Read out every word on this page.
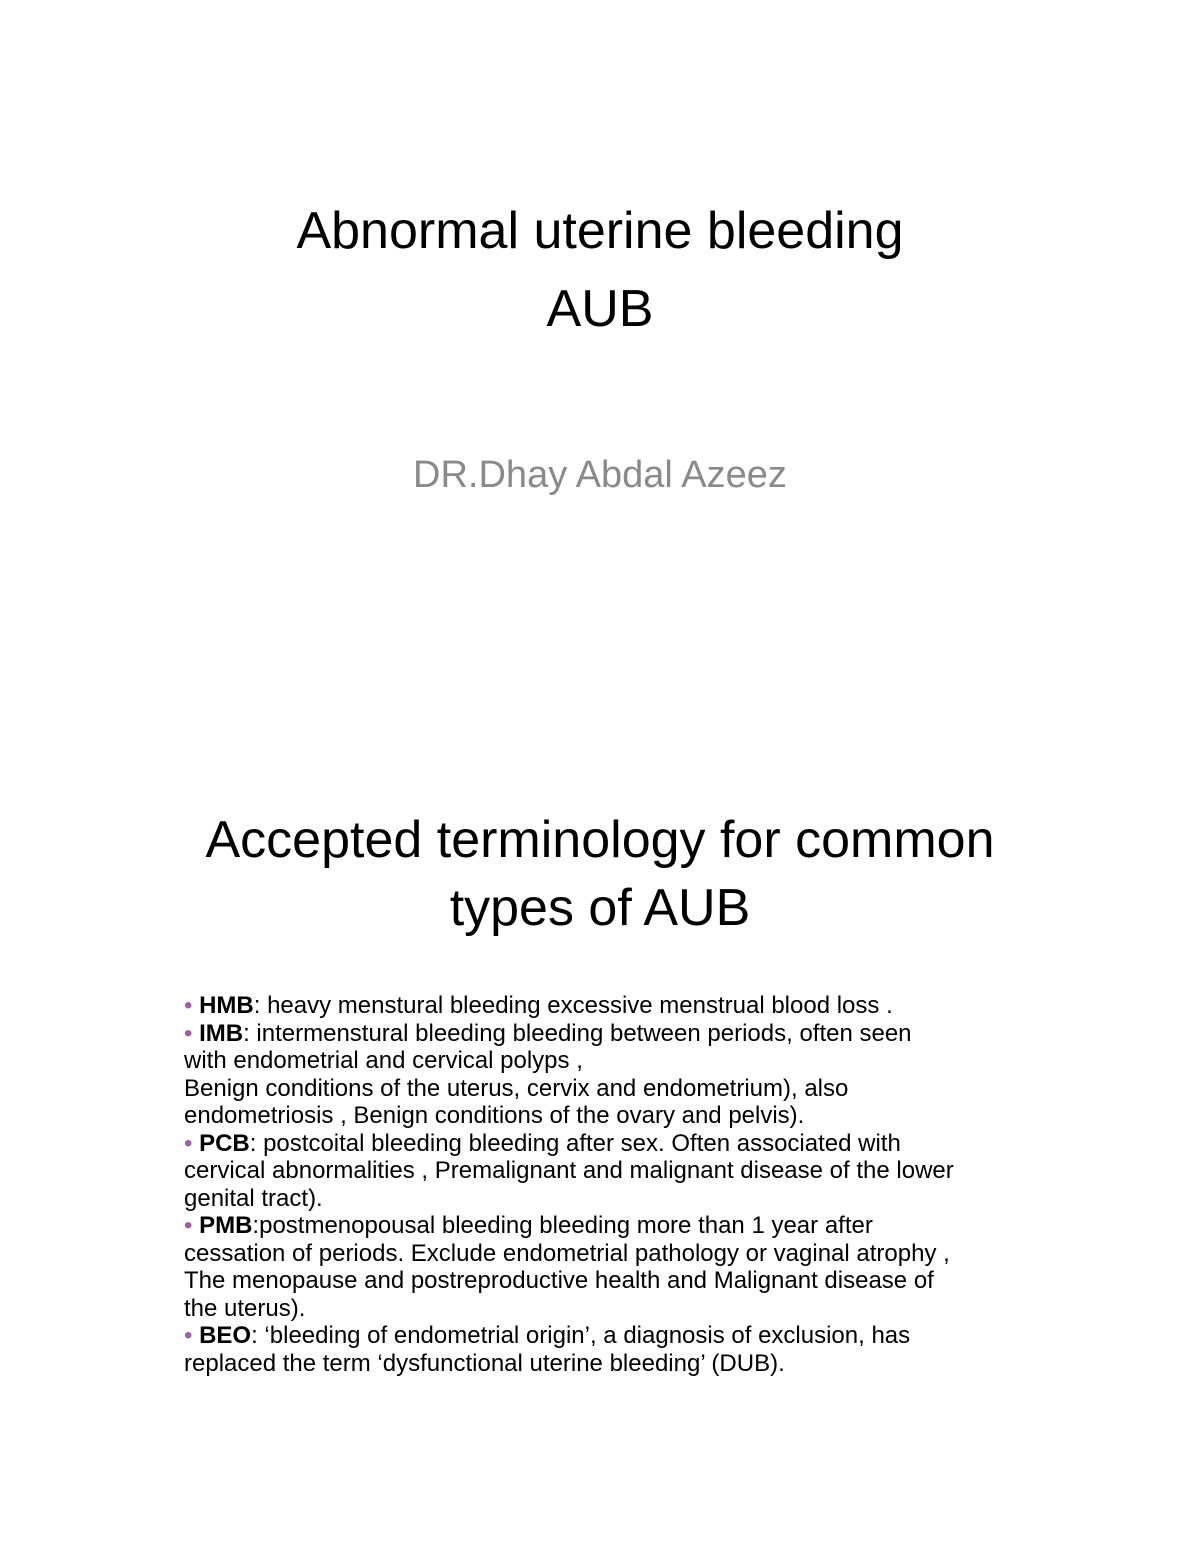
Abnormal uterine bleeding
AUB
DR.Dhay Abdal Azeez
Accepted terminology for common
types of AUB
• HMB: heavy menstural bleeding excessive menstrual blood loss .
• IMB: intermenstural bleeding bleeding between periods, often seen
with endometrial and cervical polyps ,
Benign conditions of the uterus, cervix and endometrium), also
endometriosis , Benign conditions of the ovary and pelvis).
• PCB: postcoital bleeding bleeding after sex. Often associated with
cervical abnormalities , Premalignant and malignant disease of the lower
genital tract).
• PMB:postmenopousal bleeding bleeding more than 1 year after
cessation of periods. Exclude endometrial pathology or vaginal atrophy ,
The menopause and postreproductive health and Malignant disease of
the uterus).
• BEO: ‘bleeding of endometrial origin’, a diagnosis of exclusion, has
replaced the term ‘dysfunctional uterine bleeding’ (DUB).
